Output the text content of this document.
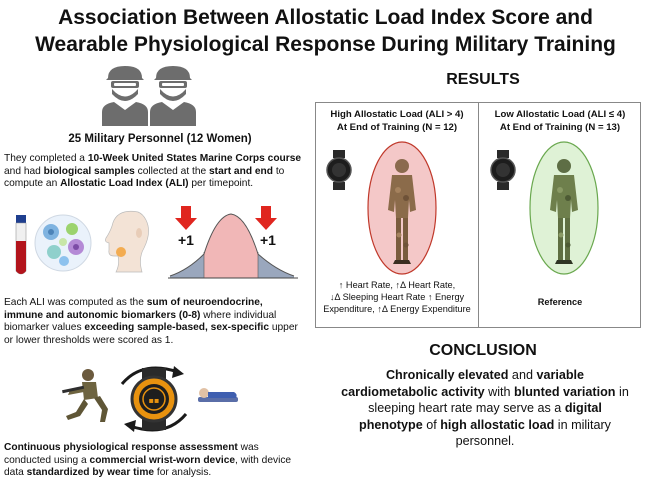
Association Between Allostatic Load Index Score and
Wearable Physiological Response During Military Training
25 Military Personnel (12 Women)
They completed a 10-Week United States Marine Corps course and had biological samples collected at the start and end to compute an Allostatic Load Index (ALI) per timepoint.
+1	+1
Each ALI was computed as the sum of neuroendocrine, immune and autonomic biomarkers (0-8) where individual biomarker values exceeding sample-based, sex-specific upper or lower thresholds were scored as 1.
▪▪
Continuous physiological response assessment was conducted using a commercial wrist-worn device, with device data standardized by wear time for analysis.
RESULTS
High Allostatic Load (ALI > 4)
At End of Training (N = 12)
Low Allostatic Load (ALI ≤ 4)
At End of Training (N = 13)
↑ Heart Rate, ↑Δ Heart Rate,
↓Δ Sleeping Heart Rate ↑ Energy
Expenditure, ↑Δ Energy Expenditure
Reference
CONCLUSION
Chronically elevated and variable cardiometabolic activity with blunted variation in sleeping heart rate may serve as a digital phenotype of high allostatic load in military personnel.
